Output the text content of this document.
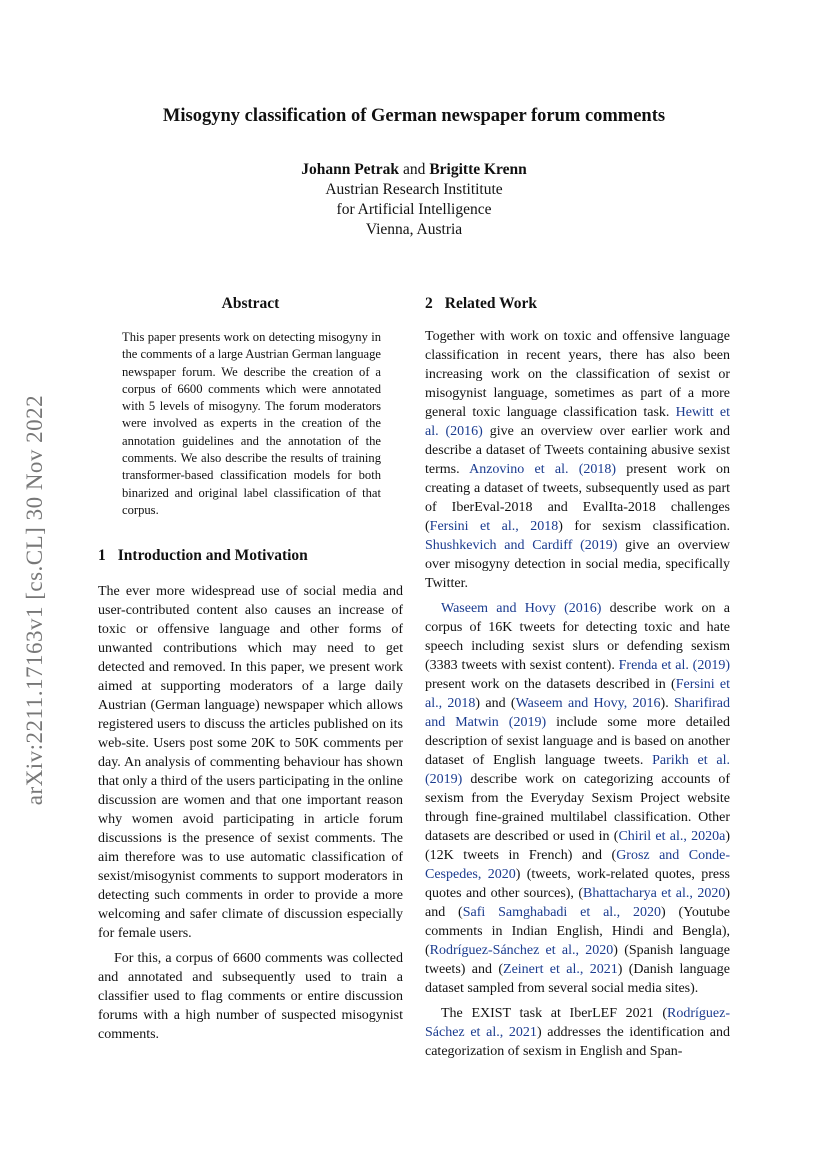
Misogyny classification of German newspaper forum comments
Johann Petrak and Brigitte Krenn
Austrian Research Instititute
for Artificial Intelligence
Vienna, Austria
arXiv:2211.17163v1 [cs.CL] 30 Nov 2022
Abstract

This paper presents work on detecting misogyny in the comments of a large Austrian German language newspaper forum. We describe the creation of a corpus of 6600 comments which were annotated with 5 levels of misogyny. The forum moderators were involved as experts in the creation of the annotation guidelines and the annotation of the comments. We also describe the results of training transformer-based classification models for both binarized and original label classification of that corpus.

1 Introduction and Motivation

The ever more widespread use of social media and user-contributed content also causes an increase of toxic or offensive language and other forms of unwanted contributions which may need to get detected and removed. In this paper, we present work aimed at supporting moderators of a large daily Austrian (German language) newspaper which allows registered users to discuss the articles published on its web-site. Users post some 20K to 50K comments per day. An analysis of commenting behaviour has shown that only a third of the users participating in the online discussion are women and that one important reason why women avoid participating in article forum discussions is the presence of sexist comments. The aim therefore was to use automatic classification of sexist/misogynist comments to support moderators in detecting such comments in order to provide a more welcoming and safer climate of discussion especially for female users.

For this, a corpus of 6600 comments was collected and annotated and subsequently used to train a classifier used to flag comments or entire discussion forums with a high number of suspected misogynist comments.

2 Related Work

Together with work on toxic and offensive language classification in recent years, there has also been increasing work on the classification of sexist or misogynist language, sometimes as part of a more general toxic language classification task. Hewitt et al. (2016) give an overview over earlier work and describe a dataset of Tweets containing abusive sexist terms. Anzovino et al. (2018) present work on creating a dataset of tweets, subsequently used as part of IberEval-2018 and EvalIta-2018 challenges (Fersini et al., 2018) for sexism classification. Shushkevich and Cardiff (2019) give an overview over misogyny detection in social media, specifically Twitter.

Waseem and Hovy (2016) describe work on a corpus of 16K tweets for detecting toxic and hate speech including sexist slurs or defending sexism (3383 tweets with sexist content). Frenda et al. (2019) present work on the datasets described in (Fersini et al., 2018) and (Waseem and Hovy, 2016). Sharifirad and Matwin (2019) include some more detailed description of sexist language and is based on another dataset of English language tweets. Parikh et al. (2019) describe work on categorizing accounts of sexism from the Everyday Sexism Project website through fine-grained multilabel classification. Other datasets are described or used in (Chiril et al., 2020a) (12K tweets in French) and (Grosz and Conde-Cespedes, 2020) (tweets, work-related quotes, press quotes and other sources), (Bhattacharya et al., 2020) and (Safi Samghabadi et al., 2020) (Youtube comments in Indian English, Hindi and Bengla), (Rodríguez-Sánchez et al., 2020) (Spanish language tweets) and (Zeinert et al., 2021) (Danish language dataset sampled from several social media sites).

The EXIST task at IberLEF 2021 (Rodríguez-Sáchez et al., 2021) addresses the identification and categorization of sexism in English and Span-
